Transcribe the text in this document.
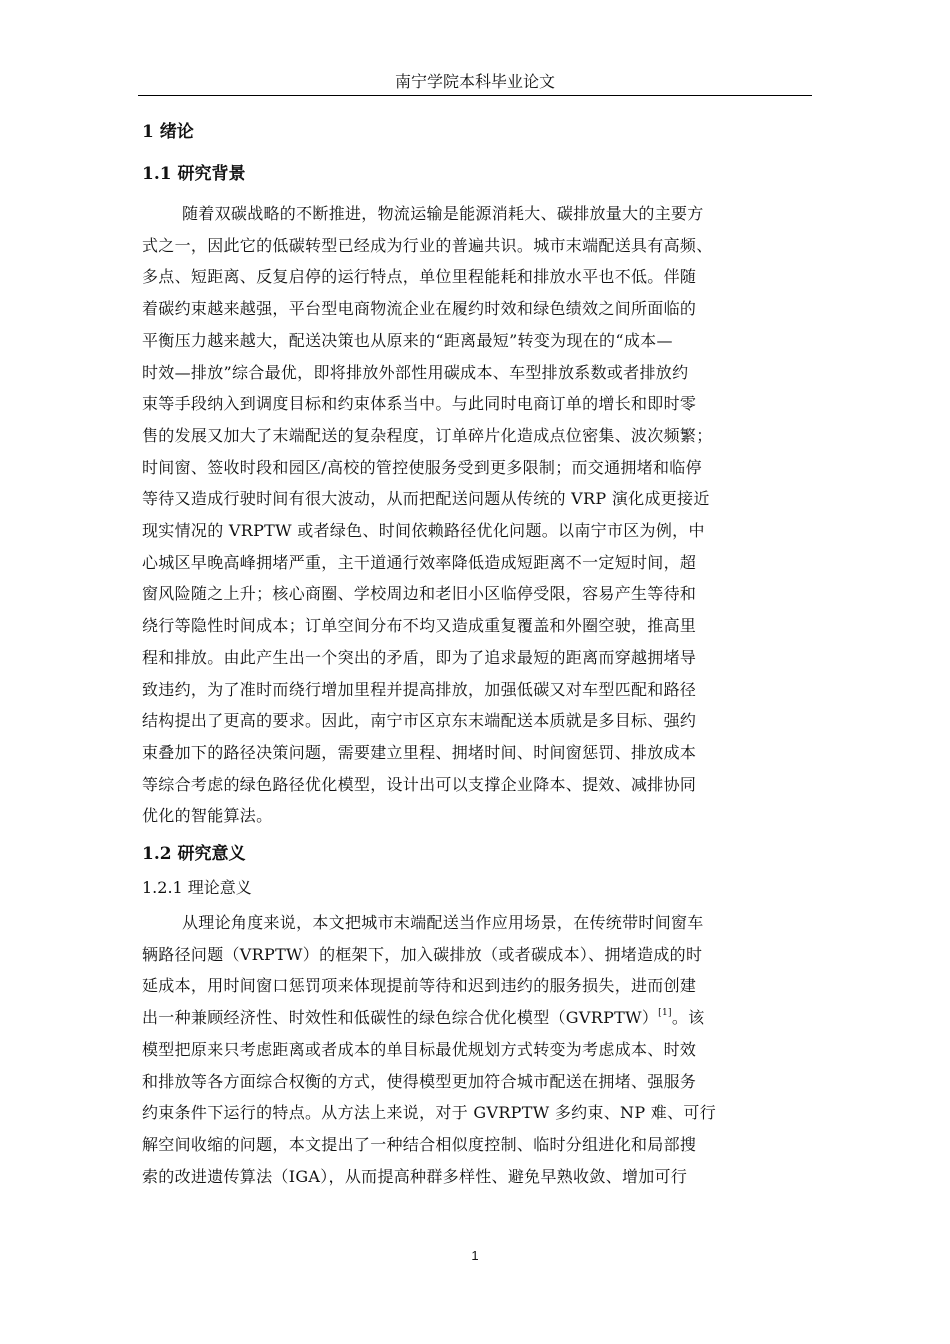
南宁学院本科毕业论文
1 绪论
1.1 研究背景
随着双碳战略的不断推进，物流运输是能源消耗大、碳排放量大的主要方
式之一，因此它的低碳转型已经成为行业的普遍共识。城市末端配送具有高频、
多点、短距离、反复启停的运行特点，单位里程能耗和排放水平也不低。伴随
着碳约束越来越强，平台型电商物流企业在履约时效和绿色绩效之间所面临的
平衡压力越来越大，配送决策也从原来的“距离最短”转变为现在的“成本—
时效—排放”综合最优，即将排放外部性用碳成本、车型排放系数或者排放约
束等手段纳入到调度目标和约束体系当中。与此同时电商订单的增长和即时零
售的发展又加大了末端配送的复杂程度，订单碎片化造成点位密集、波次频繁；
时间窗、签收时段和园区/高校的管控使服务受到更多限制；而交通拥堵和临停
等待又造成行驶时间有很大波动，从而把配送问题从传统的 VRP 演化成更接近
现实情况的 VRPTW 或者绿色、时间依赖路径优化问题。以南宁市区为例，中
心城区早晚高峰拥堵严重，主干道通行效率降低造成短距离不一定短时间，超
窗风险随之上升；核心商圈、学校周边和老旧小区临停受限，容易产生等待和
绕行等隐性时间成本；订单空间分布不均又造成重复覆盖和外圈空驶，推高里
程和排放。由此产生出一个突出的矛盾，即为了追求最短的距离而穿越拥堵导
致违约，为了准时而绕行增加里程并提高排放，加强低碳又对车型匹配和路径
结构提出了更高的要求。因此，南宁市区京东末端配送本质就是多目标、强约
束叠加下的路径决策问题，需要建立里程、拥堵时间、时间窗惩罚、排放成本
等综合考虑的绿色路径优化模型，设计出可以支撑企业降本、提效、减排协同
优化的智能算法。
1.2 研究意义
1.2.1 理论意义
从理论角度来说，本文把城市末端配送当作应用场景，在传统带时间窗车
辆路径问题（VRPTW）的框架下，加入碳排放（或者碳成本）、拥堵造成的时
延成本，用时间窗口惩罚项来体现提前等待和迟到违约的服务损失，进而创建
出一种兼顾经济性、时效性和低碳性的绿色综合优化模型（GVRPTW）[1]。该
模型把原来只考虑距离或者成本的单目标最优规划方式转变为考虑成本、时效
和排放等各方面综合权衡的方式，使得模型更加符合城市配送在拥堵、强服务
约束条件下运行的特点。从方法上来说，对于 GVRPTW 多约束、NP 难、可行
解空间收缩的问题，本文提出了一种结合相似度控制、临时分组进化和局部搜
索的改进遗传算法（IGA），从而提高种群多样性、避免早熟收敛、增加可行
1
